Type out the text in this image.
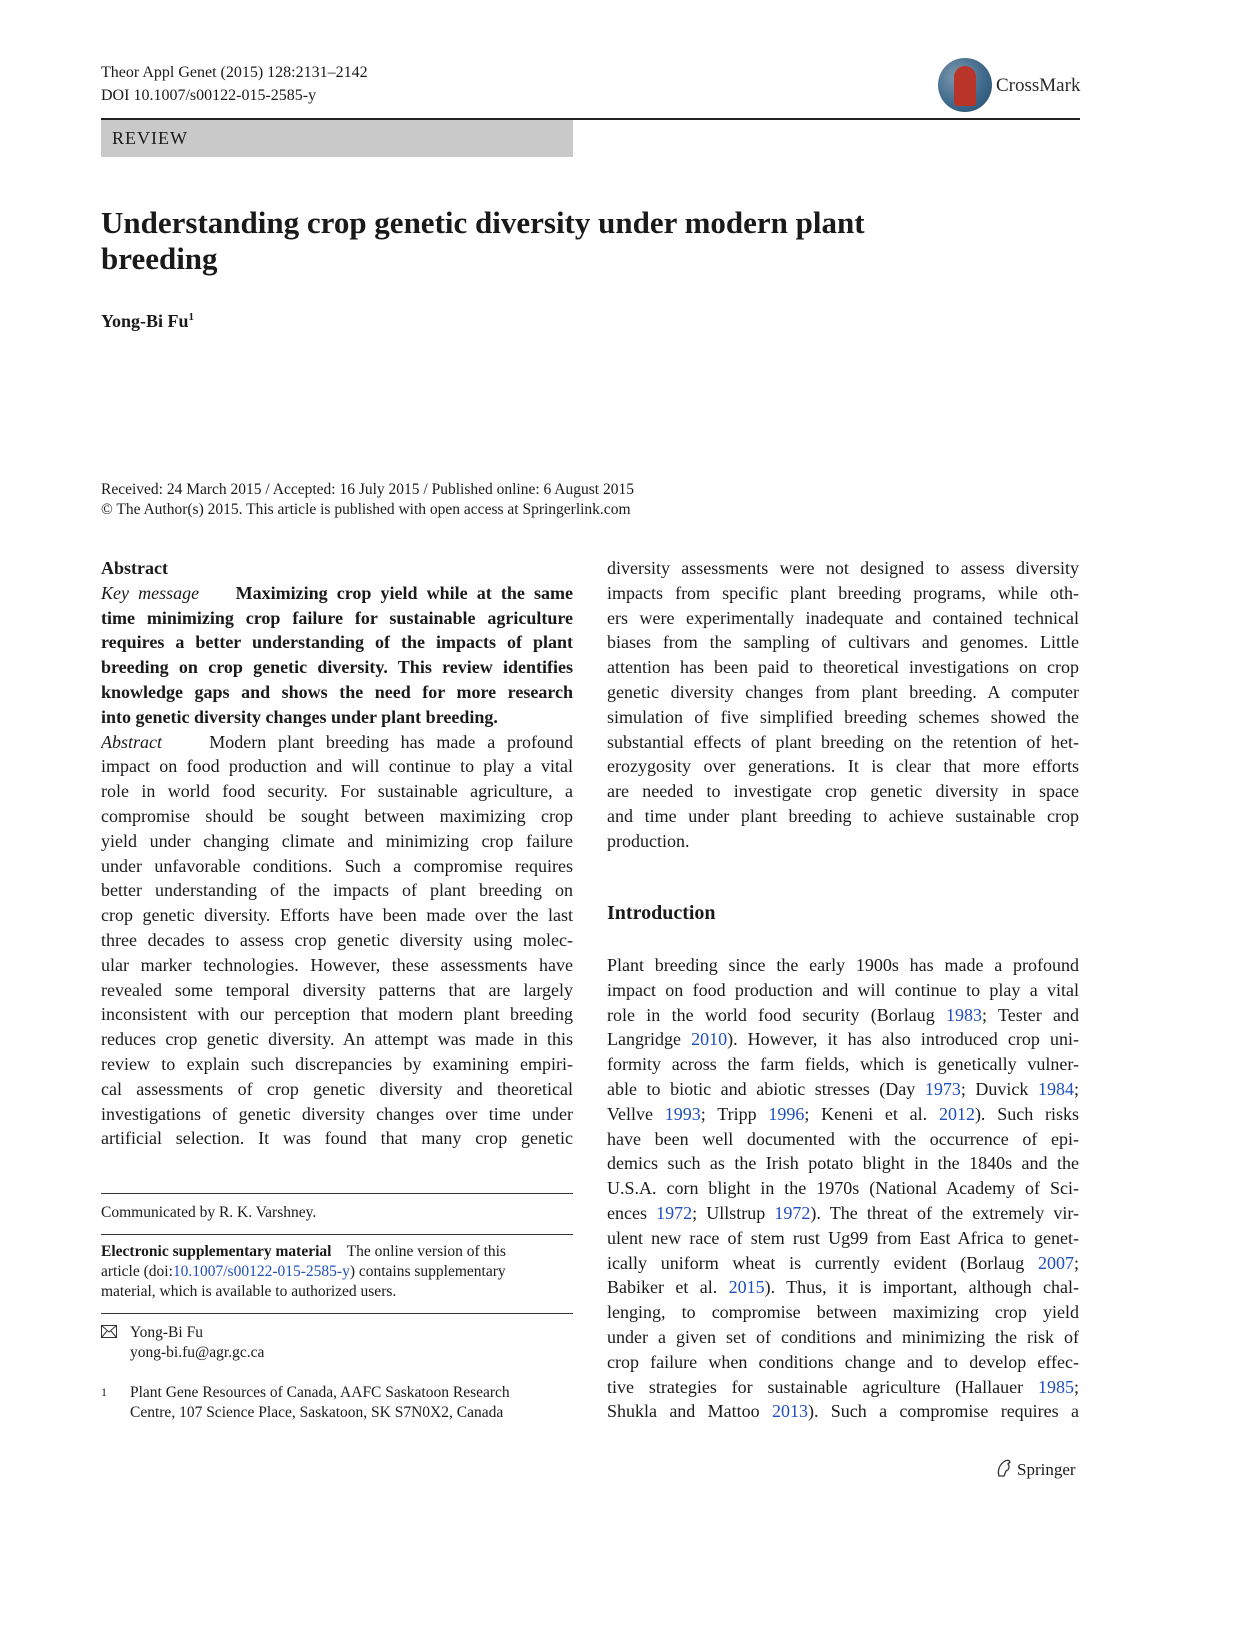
Theor Appl Genet (2015) 128:2131–2142
DOI 10.1007/s00122-015-2585-y	CrossMark
REVIEW
Understanding crop genetic diversity under modern plant
breeding
Yong-Bi Fu$^1$
Received: 24 March 2015 / Accepted: 16 July 2015 / Published online: 6 August 2015
© The Author(s) 2015. This article is published with open access at Springerlink.com
Abstract
Key message Maximizing crop yield while at the same
time minimizing crop failure for sustainable agriculture
requires a better understanding of the impacts of plant
breeding on crop genetic diversity. This review identifies
knowledge gaps and shows the need for more research
into genetic diversity changes under plant breeding.
Abstract	Modern plant breeding has made a profound
impact on food production and will continue to play a vital
role in world food security. For sustainable agriculture, a
compromise should be sought between maximizing crop
yield under changing climate and minimizing crop failure
under unfavorable conditions. Such a compromise requires
better understanding of the impacts of plant breeding on
crop genetic diversity. Efforts have been made over the last
three decades to assess crop genetic diversity using molec-
ular marker technologies. However, these assessments have
revealed some temporal diversity patterns that are largely
inconsistent with our perception that modern plant breeding
reduces crop genetic diversity. An attempt was made in this
review to explain such discrepancies by examining empiri-
cal assessments of crop genetic diversity and theoretical
investigations of genetic diversity changes over time under
artificial selection. It was found that many crop genetic
Communicated by R. K. Varshney.
Electronic supplementary material The online version of this
article (doi:10.1007/s00122-015-2585-y) contains supplementary
material, which is available to authorized users.
Yong-Bi Fu
yong-bi.fu@agr.gc.ca
1 Plant Gene Resources of Canada, AAFC Saskatoon Research
Centre, 107 Science Place, Saskatoon, SK S7N0X2, Canada
diversity assessments were not designed to assess diversity
impacts from specific plant breeding programs, while oth-
ers were experimentally inadequate and contained technical
biases from the sampling of cultivars and genomes. Little
attention has been paid to theoretical investigations on crop
genetic diversity changes from plant breeding. A computer
simulation of five simplified breeding schemes showed the
substantial effects of plant breeding on the retention of het-
erozygosity over generations. It is clear that more efforts
are needed to investigate crop genetic diversity in space
and time under plant breeding to achieve sustainable crop
production.
Introduction
Plant breeding since the early 1900s has made a profound
impact on food production and will continue to play a vital
role in the world food security (Borlaug 1983; Tester and
Langridge 2010). However, it has also introduced crop uni-
formity across the farm fields, which is genetically vulner-
able to biotic and abiotic stresses (Day 1973; Duvick 1984;
Vellve 1993; Tripp 1996; Keneni et al. 2012). Such risks
have been well documented with the occurrence of epi-
demics such as the Irish potato blight in the 1840s and the
U.S.A. corn blight in the 1970s (National Academy of Sci-
ences 1972; Ullstrup 1972). The threat of the extremely vir-
ulent new race of stem rust Ug99 from East Africa to genet-
ically uniform wheat is currently evident (Borlaug 2007;
Babiker et al. 2015). Thus, it is important, although chal-
lenging, to compromise between maximizing crop yield
under a given set of conditions and minimizing the risk of
crop failure when conditions change and to develop effec-
tive strategies for sustainable agriculture (Hallauer 1985;
Shukla and Mattoo 2013). Such a compromise requires a
Springer
